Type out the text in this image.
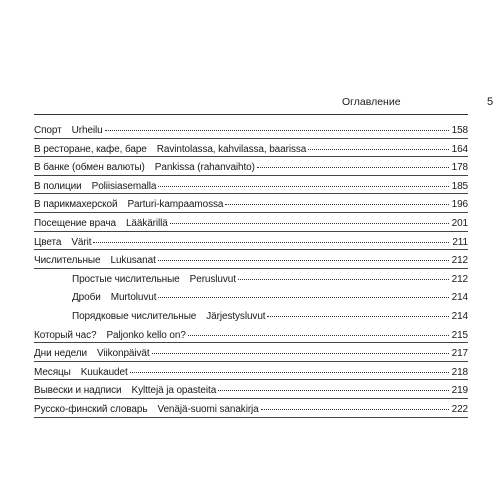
Оглавление	5
Спорт Urheilu	158
В ресторане, кафе, баре Ravintolassa, kahvilassa, baarissa	164
В банке (обмен валюты) Pankissa (rahanvaihto)	178
В полиции Poliisiasemalla	185
В парикмахерской Parturi-kampaamossa	196
Посещение врача Lääkärillä	201
Цвета Värit	211
Числительные Lukusanat	212
Простые числительные Perusluvut	212
Дроби Murtoluvut	214
Порядковые числительные Järjestysluvut	214
Который час? Paljonko kello on?	215
Дни недели Viikonpäivät	217
Месяцы Kuukaudet	218
Вывески и надписи Kylttejä ja opasteita	219
Русско-финский словарь Venäjä-suomi sanakirja	222
